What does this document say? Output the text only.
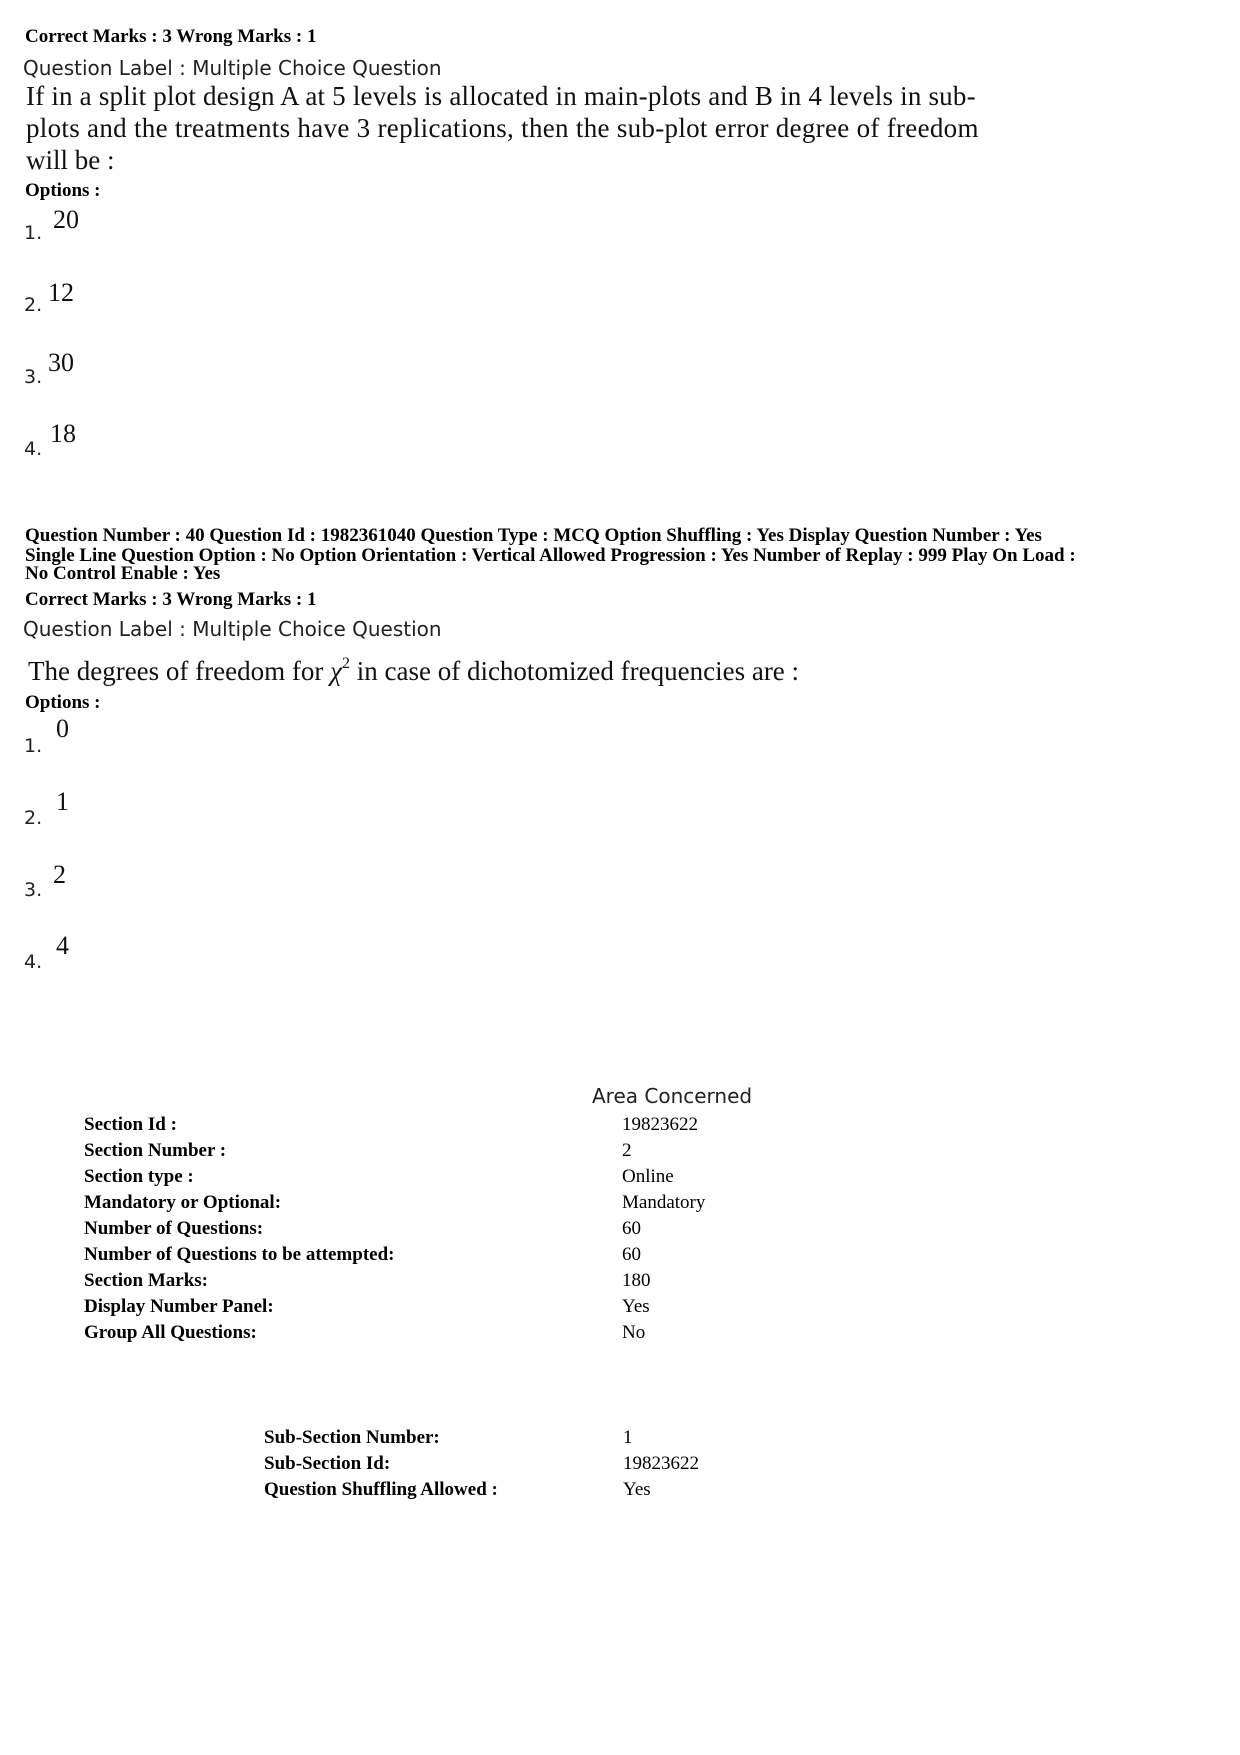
Correct Marks : 3 Wrong Marks : 1
Question Label : Multiple Choice Question
If in a split plot design A at 5 levels is allocated in main-plots and B in 4 levels in sub-
plots and the treatments have 3 replications, then the sub-plot error degree of freedom
will be :
Options :
1. 20
2. 12
3. 30
4.
18
Question Number : 40 Question Id : 1982361040 Question Type : MCQ Option Shuffling : Yes Display Question Number : Yes
Single Line Question Option : No Option Orientation : Vertical Allowed Progression : Yes Number of Replay : 999 Play On Load :
No Control Enable : Yes
Correct Marks : 3 Wrong Marks : 1
Question Label : Multiple Choice Question
The degrees of freedom for $\chi^2$ in case of dichotomized frequencies are :
Options :
1.
0
2.
1
3.
2
4.
4
Area Concerned
Section Id :	19823622
Section Number :	2
Section type :	Online
Mandatory or Optional:	Mandatory
Number of Questions:	60
Number of Questions to be attempted:	60
Section Marks:	180
Display Number Panel:	Yes
Group All Questions:	No
Sub-Section Number:	1
Sub-Section Id:	19823622
Question Shuffling Allowed :	Yes
